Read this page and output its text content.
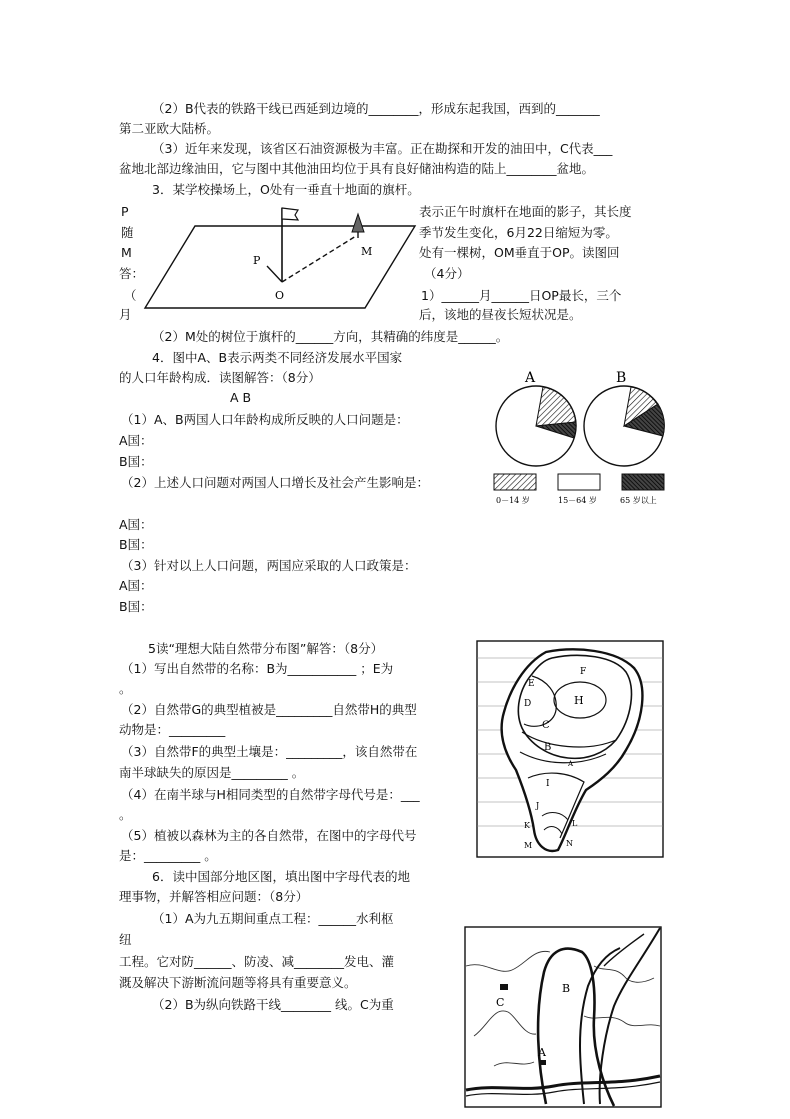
（2）B代表的铁路干线已西延到边境的________，形成东起我国，西到的_______
第二亚欧大陆桥。
（3）近年来发现，该省区石油资源极为丰富。正在勘探和开发的油田中，C代表___
盆地北部边缘油田，它与图中其他油田均位于具有良好储油构造的陆上________盆地。
3．某学校操场上，O处有一垂直十地面的旗杆。
P
随
M
答：
（
月
表示正午时旗杆在地面的影子，其长度
季节发生变化，6月22日缩短为零。
处有一棵树，OM垂直于OP。读图回
（4分）
1）______月______日OP最长，三个
后，该地的昼夜长短状况是。
（2）M处的树位于旗杆的______方向，其精确的纬度是______。
4．图中A、B表示两类不同经济发展水平国家
的人口年龄构成．读图解答：（8分）
A B
（1）A、B两国人口年龄构成所反映的人口问题是：
A国：
B国：
（2）上述人口问题对两国人口增长及社会产生影响是：
A国：
B国：
（3）针对以上人口问题，两国应采取的人口政策是：
A国：
B国：
5读“理想大陆自然带分布图”解答：（8分）
（1）写出自然带的名称：B为___________ ；E为
。
（2）自然带G的典型植被是_________自然带H的典型
动物是：_________
（3）自然带F的典型土壤是：_________，该自然带在
南半球缺失的原因是_________ 。
（4）在南半球与H相同类型的自然带字母代号是：___
。
（5）植被以森林为主的各自然带，在图中的字母代号
是：_________ 。
6．读中国部分地区图，填出图中字母代表的地
理事物，并解答相应问题：（8分）
（1）A为九五期间重点工程：______水利枢
纽
工程。它对防______、防凌、减________发电、灌
溉及解决下游断流问题等将具有重要意义。
（2）B为纵向铁路干线________ 线。C为重
P
O
M
A	B
0－14 岁	15－64 岁	65 岁以上
F
E
D	H
C
B
A
I
J
K	L
M	N
C
B
A
